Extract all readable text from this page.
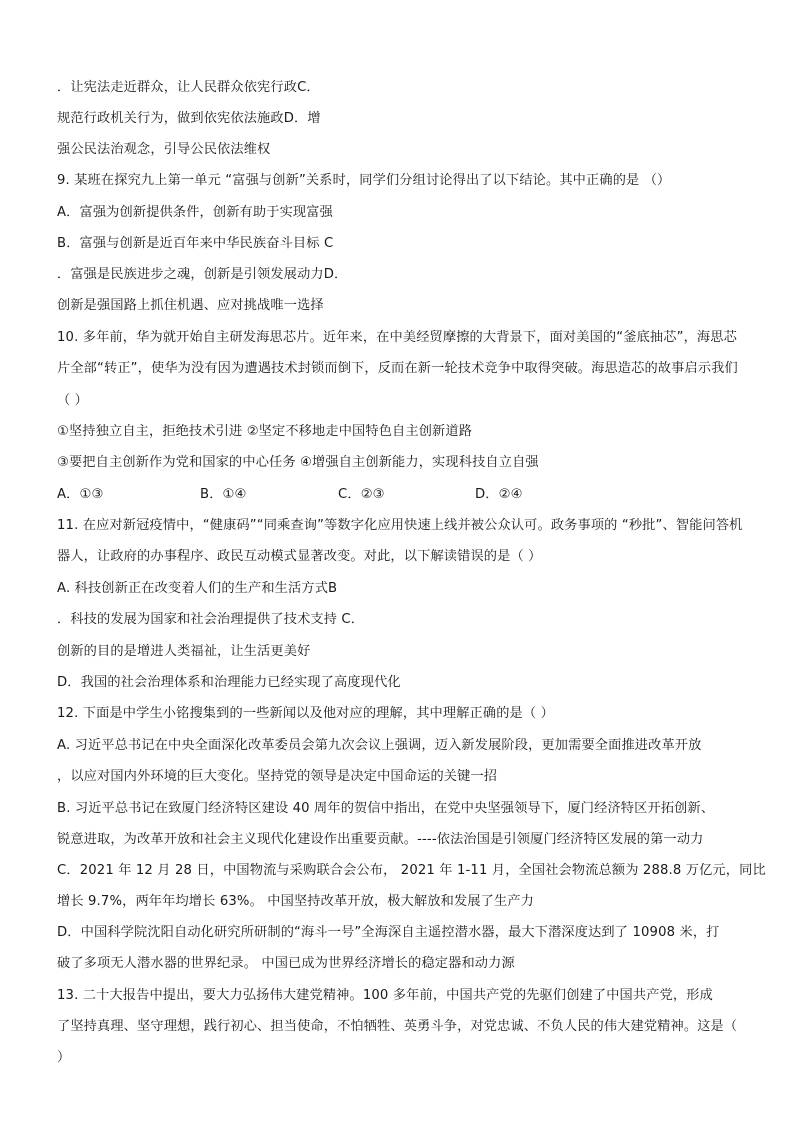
．让宪法走近群众，让人民群众依宪行政C．
规范行政机关行为，做到依宪依法施政D．增
强公民法治观念，引导公民依法维权
9. 某班在探究九上第一单元 “富强与创新”关系时，同学们分组讨论得出了以下结论。其中正确的是 （）
A．富强为创新提供条件，创新有助于实现富强
B．富强与创新是近百年来中华民族奋斗目标 C
．富强是民族进步之魂，创新是引领发展动力D．
创新是强国路上抓住机遇、应对挑战唯一选择
10. 多年前，华为就开始自主研发海思芯片。近年来，在中美经贸摩擦的大背景下，面对美国的“釜底抽芯”，海思芯
片全部“转正”，使华为没有因为遭遇技术封锁而倒下，反而在新一轮技术竞争中取得突破。海思造芯的故事启示我们
（ ）
①坚持独立自主，拒绝技术引进 ②坚定不移地走中国特色自主创新道路
③要把自主创新作为党和国家的中心任务 ④增强自主创新能力，实现科技自立自强
A．①③	B．①④	C．②③	D．②④
11. 在应对新冠疫情中，“健康码”“同乘查询”等数字化应用快速上线并被公众认可。政务事项的 “秒批”、智能问答机
器人，让政府的办事程序、政民互动模式显著改变。对此，以下解读错误的是（ ）
A. 科技创新正在改变着人们的生产和生活方式B
．科技的发展为国家和社会治理提供了技术支持 C．
创新的目的是增进人类福祉，让生活更美好
D．我国的社会治理体系和治理能力已经实现了高度现代化
12. 下面是中学生小铭搜集到的一些新闻以及他对应的理解，其中理解正确的是（ ）
A. 习近平总书记在中央全面深化改革委员会第九次会议上强调，迈入新发展阶段，更加需要全面推进改革开放
，以应对国内外环境的巨大变化。坚持党的领导是决定中国命运的关键一招
B. 习近平总书记在致厦门经济特区建设 40 周年的贺信中指出，在党中央坚强领导下，厦门经济特区开拓创新、
锐意进取，为改革开放和社会主义现代化建设作出重要贡献。----依法治国是引领厦门经济特区发展的第一动力
C．2021 年 12 月 28 日，中国物流与采购联合会公布， 2021 年 1-11 月，全国社会物流总额为 288.8 万亿元，同比
增长 9.7%，两年年均增长 63%。 中国坚持改革开放，极大解放和发展了生产力
D．中国科学院沈阳自动化研究所研制的“海斗一号”全海深自主遥控潜水器，最大下潜深度达到了 10908 米，打
破了多项无人潜水器的世界纪录。 中国已成为世界经济增长的稳定器和动力源
13. 二十大报告中提出，要大力弘扬伟大建党精神。100 多年前，中国共产党的先驱们创建了中国共产党，形成
了坚持真理、坚守理想，践行初心、担当使命，不怕牺牲、英勇斗争，对党忠诚、不负人民的伟大建党精神。这是（
）
